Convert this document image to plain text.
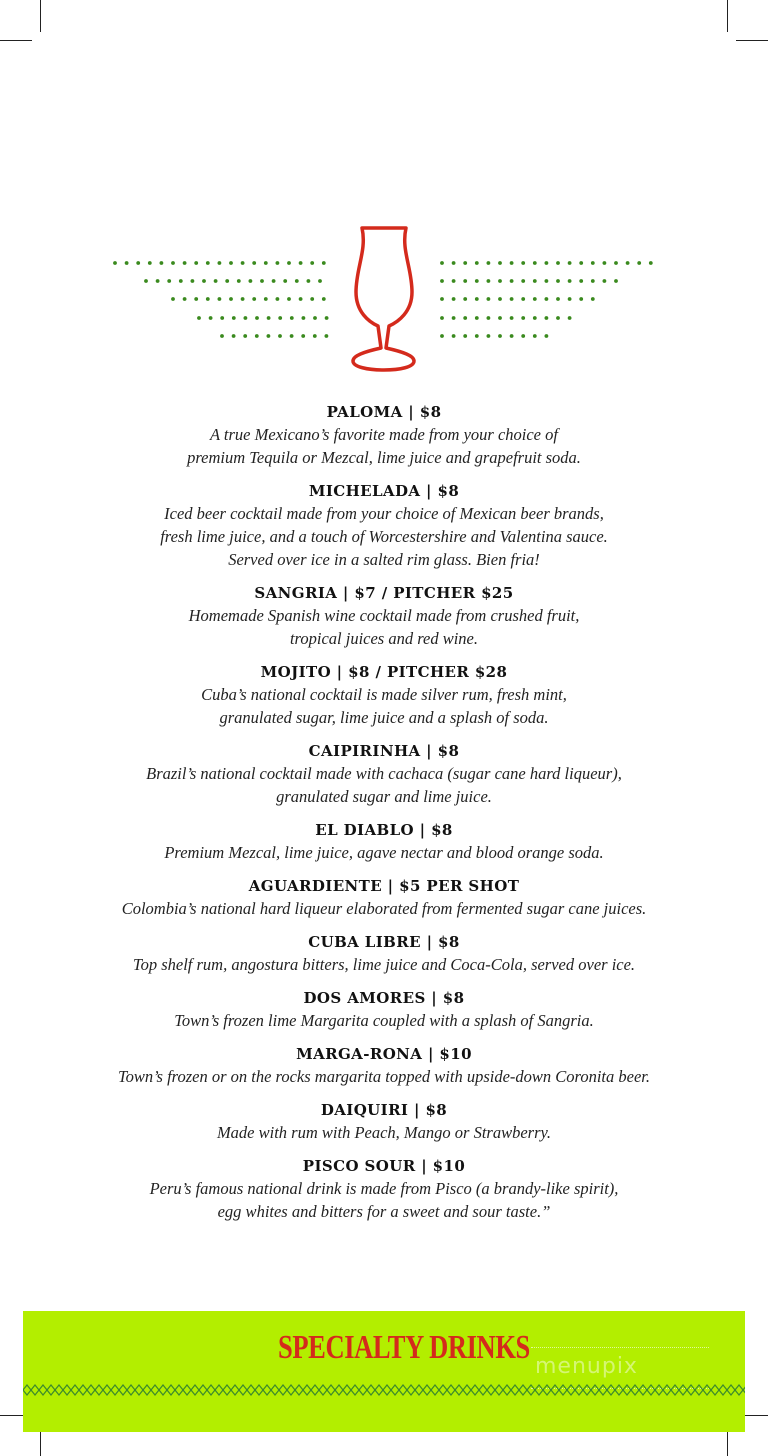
PALOMA | $8
A true Mexicano’s favorite made from your choice of
premium Tequila or Mezcal, lime juice and grapefruit soda.
MICHELADA | $8
Iced beer cocktail made from your choice of Mexican beer brands,
fresh lime juice, and a touch of Worcestershire and Valentina sauce.
Served over ice in a salted rim glass. Bien fria!
SANGRIA | $7 / PITCHER $25
Homemade Spanish wine cocktail made from crushed fruit,
tropical juices and red wine.
MOJITO | $8 / PITCHER $28
Cuba’s national cocktail is made silver rum, fresh mint,
granulated sugar, lime juice and a splash of soda.
CAIPIRINHA | $8
Brazil’s national cocktail made with cachaca (sugar cane hard liqueur),
granulated sugar and lime juice.
EL DIABLO | $8
Premium Mezcal, lime juice, agave nectar and blood orange soda.
AGUARDIENTE | $5 PER SHOT
Colombia’s national hard liqueur elaborated from fermented sugar cane juices.
CUBA LIBRE | $8
Top shelf rum, angostura bitters, lime juice and Coca-Cola, served over ice.
DOS AMORES | $8
Town’s frozen lime Margarita coupled with a splash of Sangria.
MARGA-RONA | $10
Town’s frozen or on the rocks margarita topped with upside-down Coronita beer.
DAIQUIRI | $8
Made with rum with Peach, Mango or Strawberry.
PISCO SOUR | $10
Peru’s famous national drink is made from Pisco (a brandy-like spirit),
egg whites and bitters for a sweet and sour taste.”
SPECIALTY DRINKS
menupix
